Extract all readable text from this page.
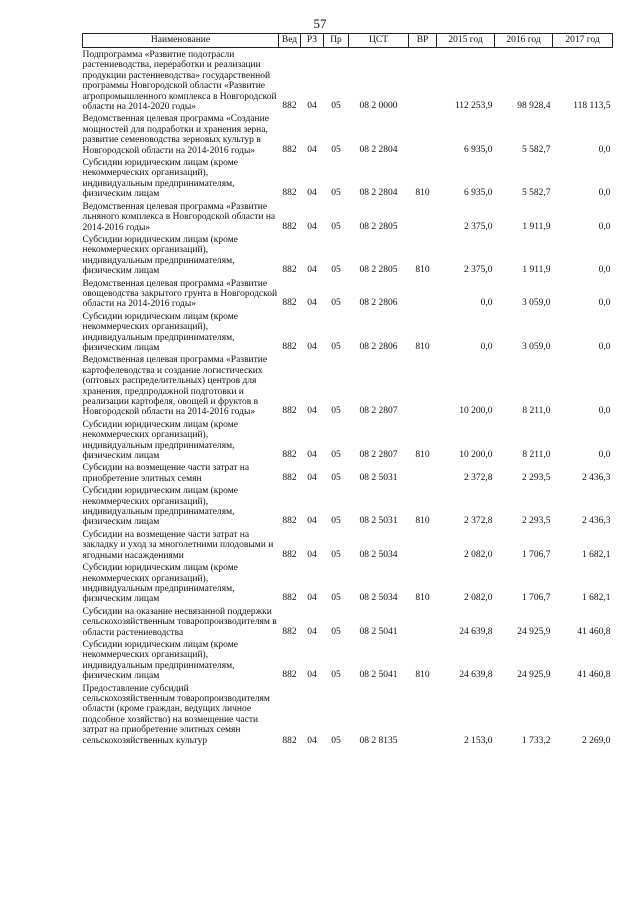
57
Наименование	Вед	РЗ	Пр	ЦСТ	ВР	2015 год	2016 год	2017 год
Подпрограмма «Развитие подотрасли растениеводства, переработки и реализации продукции растениеводства» государственной программы Новгородской области «Развитие агропромышленного комплекса в Новгородской области на 2014-2020 годы»	882	04	05	08 2 0000		112 253,9	98 928,4	118 113,5
Ведомственная целевая программа «Создание мощностей для подработки и хранения зерна, развитие семеноводства зерновых культур в Новгородской области на 2014-2016 годы»	882	04	05	08 2 2804		6 935,0	5 582,7	0,0
Субсидии юридическим лицам (кроме некоммерческих организаций), индивидуальным предпринимателям, физическим лицам	882	04	05	08 2 2804	810	6 935,0	5 582,7	0,0
Ведомственная целевая программа «Развитие льняного комплекса в Новгородской области на 2014-2016 годы»	882	04	05	08 2 2805		2 375,0	1 911,9	0,0
Субсидии юридическим лицам (кроме некоммерческих организаций), индивидуальным предпринимателям, физическим лицам	882	04	05	08 2 2805	810	2 375,0	1 911,9	0,0
Ведомственная целевая программа «Развитие овощеводства закрытого грунта в Новгородской области на 2014-2016 годы»	882	04	05	08 2 2806		0,0	3 059,0	0,0
Субсидии юридическим лицам (кроме некоммерческих организаций), индивидуальным предпринимателям, физическим лицам	882	04	05	08 2 2806	810	0,0	3 059,0	0,0
Ведомственная целевая программа «Развитие картофелеводства и создание логистических (оптовых распределительных) центров для хранения, предпродажной подготовки и реализации картофеля, овощей и фруктов в Новгородской области на 2014-2016 годы»	882	04	05	08 2 2807		10 200,0	8 211,0	0,0
Субсидии юридическим лицам (кроме некоммерческих организаций), индивидуальным предпринимателям, физическим лицам	882	04	05	08 2 2807	810	10 200,0	8 211,0	0,0
Субсидии на возмещение части затрат на приобретение элитных семян	882	04	05	08 2 5031		2 372,8	2 293,5	2 436,3
Субсидии юридическим лицам (кроме некоммерческих организаций), индивидуальным предпринимателям, физическим лицам	882	04	05	08 2 5031	810	2 372,8	2 293,5	2 436,3
Субсидии на возмещение части затрат на закладку и уход за многолетними плодовыми и ягодными насаждениями	882	04	05	08 2 5034		2 082,0	1 706,7	1 682,1
Субсидии юридическим лицам (кроме некоммерческих организаций), индивидуальным предпринимателям, физическим лицам	882	04	05	08 2 5034	810	2 082,0	1 706,7	1 682,1
Субсидии на оказание несвязанной поддержки сельскохозяйственным товаропроизводителям в области растениеводства	882	04	05	08 2 5041		24 639,8	24 925,9	41 460,8
Субсидии юридическим лицам (кроме некоммерческих организаций), индивидуальным предпринимателям, физическим лицам	882	04	05	08 2 5041	810	24 639,8	24 925,9	41 460,8
Предоставление субсидий сельскохозяйственным товаропроизводителям области (кроме граждан, ведущих личное подсобное хозяйство) на возмещение части затрат на приобретение элитных семян сельскохозяйственных культур	882	04	05	08 2 8135		2 153,0	1 733,2	2 269,0
